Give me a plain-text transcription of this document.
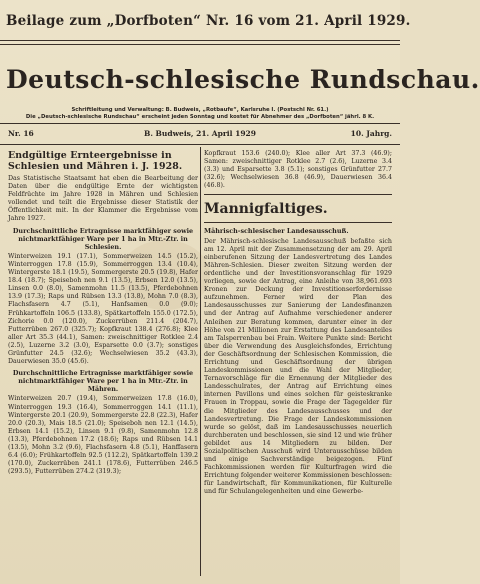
Beilage zum „Dorfboten“ Nr. 16 vom 21. April 1929.
Deutsch-schlesische Rundschau.
Schriftleitung und Verwaltung: B. Budweis, „Rotbaufe“, Karlsruhe I. (Postschl Nr. 61.)
Die „Deutsch-schlesische Rundschau“ erscheint jeden Sonntag und kostet für Abnehmer des „Dorfboten“ jährl. 8 K.
Nr. 16	B. Budweis, 21. April 1929	10. Jahrg.
Endgültige Ernteergebnisse in Schlesien und Mähren i. J. 1928.
Das Statistische Staatsamt hat eben die Bearbeitung der Daten über die endgültige Ernte der wichtigsten Feldfrüchte im Jahre 1928 in Mähren und Schlesien vollendet und teilt die Ergebnisse dieser Statistik der Öffentlichkeit mit. In der Klammer die Ergebnisse vom Jahre 1927.
Durchschnittliche Ertragnisse marktfähiger sowie nichtmarktfähiger Ware per 1 ha in Mtr.-Ztr. in Schlesien.
Winterweizen 19.1 (17.1), Sommerweizen 14.5 (15.2), Winterroggen 17.8 (15.9), Sommerroggen 13.4 (10.4), Wintergerste 18.1 (19.5), Sommergerste 20.5 (19.8), Hafer 18.4 (18.7); Speiseboh nen 9.1 (13.5), Erbsen 12.0 (13.5), Linsen 0.0 (8.0), Samenmohn 11.5 (13.5), Pferdebohnen 13.9 (17.3); Raps und Rübsen 13.3 (13.8), Mohn 7.0 (8.3), Flachsfasern 4.7 (5.1), Hanfsamen 0.0 (9.0); Frühkartoffeln 106.5 (133.8), Spätkartoffeln 155.0 (172.5), Zichorie 0.0 (120.0), Zuckerrüben 211.4 (204.7), Futterrüben 267.0 (325.7); Kopfkraut 138.4 (276.8); Klee aller Art 35.3 (44.1), Samen: zweischnittiger Rotklee 2.4 (2.5), Luzerne 3.2 (3.0), Esparsette 0.0 (3.7); sonstiges Grünfutter 24.5 (32.6); Wechselwiesen 35.2 (43.3), Dauerwiesen 35.0 (45.6).
Durchschnittliche Ertragnisse marktfähiger sowie nichtmarktfähiger Ware per 1 ha in Mtr.-Ztr. in Mähren.
Winterweizen 20.7 (19.4), Sommerweizen 17.8 (16.0), Winterroggen 19.3 (16.4), Sommerroggen 14.1 (11.1), Wintergerste 20.1 (20.9), Sommergerste 22.8 (22.3), Hafer 20.0 (20.3), Mais 18.5 (21.0); Speiseboh nen 12.1 (14.5), Erbsen 14.1 (15.2), Linsen 9.1 (9.8), Samenmohn 12.8 (13.3), Pferdebohnen 17.2 (18.6); Raps und Rübsen 14.1 (13.5), Mohn 3.2 (9.6), Flachsfasern 4.8 (5.1), Hanffasern 6.4 (6.0); Frühkartoffeln 92.5 (112.2), Spätkartoffeln 139.2 (170.0), Zuckerrüben 241.1 (178.6), Futterrüben 246.5 (293.5), Futterrüben 274.2 (319.3);
Kopfkraut 153.6 (240.0); Klee aller Art 37.3 (46.9); Samen: zweischnittiger Rotklee 2.7 (2.6), Luzerne 3.4 (3.3) und Esparsette 3.8 (5.1); sonstiges Grünfutter 27.7 (32.6); Wechselwiesen 36.8 (46.9), Dauerwiesen 36.4 (46.8).
Mannigfaltiges.
Mährisch-schlesischer Landesausschuß.
Der Mährisch-schlesische Landesausschuß befaßte sich am 12. April mit der Zusammensetzung der am 29. April einberufenen Sitzung der Landesvertretung des Landes Mähren-Schlesien. Dieser zweiten Sitzung werden der ordentliche und der Investitionsvoranschlag für 1929 vorliegen, sowie der Antrag, eine Anleihe von 38,961.693 Kronen zur Deckung der Investitionserfordernisse aufzunehmen. Ferner wird der Plan des Landesausschusses zur Sanierung der Landesfinanzen und der Antrag auf Aufnahme verschiedener anderer Anleihen zur Beratung kommen, darunter einer in der Höhe von 21 Millionen zur Erstattung des Landesanteiles am Talsperrenbau bei Frain. Weitere Punkte sind: Bericht über die Verwendung des Ausgleichsfondes, Errichtung der Geschäftsordnung der Schlesischen Kommission, die Errichtung und Geschäftsordnung der übrigen Landeskommissionen und die Wahl der Mitglieder, Ternavorschläge für die Ernennung der Mitglieder des Landesschulrates, der Antrag auf Errichtung eines internen Pavillons und eines solchen für geisteskranke Frauen in Troppau, sowie die Frage der Tagegelder für die Mitglieder des Landesausschusses und der Landesvertretung. Die Frage der Landeskommissionen wurde so gelöst, daß im Landesausschusses neuerlich durchberaten und beschlossen, sie sind 12 und wie früher gebildet aus 14 Mitgliedern zu bilden. Der Sozialpolitischen Ausschuß wird Unterausschüsse bilden und einige Sachverständige beigezogen. Fünf Fachkommissionen werden für Kulturfragen wird die Errichtung folgender weiterer Kommissionen beschlossen: für Landwirtschaft, für Kommunikationen, für Kulturelle und für Schulangelegenheiten und eine Gewerbe-
